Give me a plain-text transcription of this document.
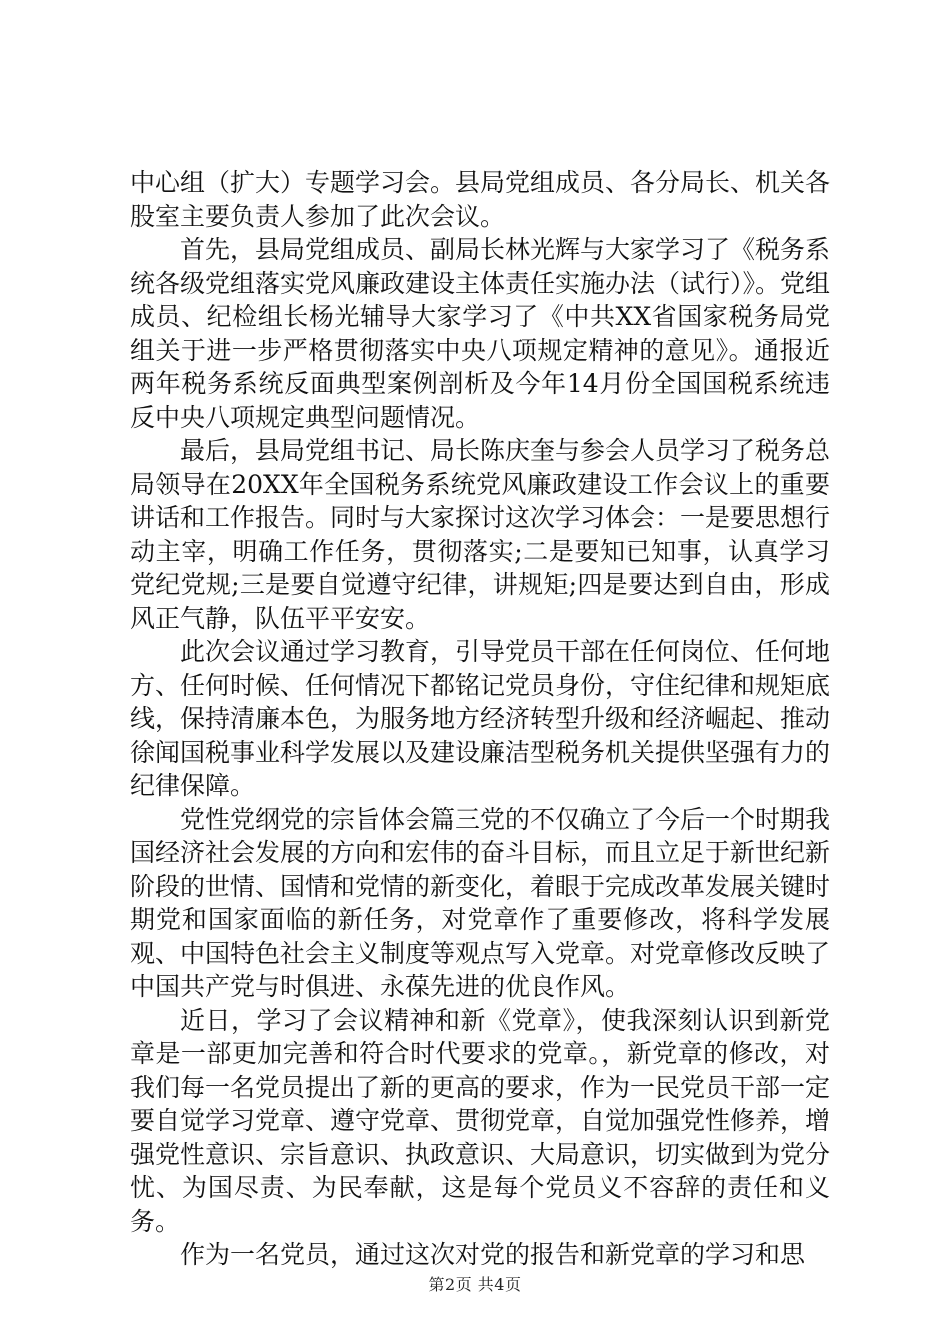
中心组（扩大）专题学习会。县局党组成员、各分局长、机关各股室主要负责人参加了此次会议。

首先，县局党组成员、副局长林光辉与大家学习了《税务系统各级党组落实党风廉政建设主体责任实施办法（试行）》。党组成员、纪检组长杨光辅导大家学习了《中共XX省国家税务局党组关于进一步严格贯彻落实中央八项规定精神的意见》。通报近两年税务系统反面典型案例剖析及今年14月份全国国税系统违反中央八项规定典型问题情况。

最后，县局党组书记、局长陈庆奎与参会人员学习了税务总局领导在20XX年全国税务系统党风廉政建设工作会议上的重要讲话和工作报告。同时与大家探讨这次学习体会：一是要思想行动主宰，明确工作任务，贯彻落实;二是要知已知事，认真学习党纪党规;三是要自觉遵守纪律，讲规矩;四是要达到自由，形成风正气静，队伍平平安安。

此次会议通过学习教育，引导党员干部在任何岗位、任何地方、任何时候、任何情况下都铭记党员身份，守住纪律和规矩底线，保持清廉本色，为服务地方经济转型升级和经济崛起、推动徐闻国税事业科学发展以及建设廉洁型税务机关提供坚强有力的纪律保障。

党性党纲党的宗旨体会篇三党的不仅确立了今后一个时期我国经济社会发展的方向和宏伟的奋斗目标，而且立足于新世纪新阶段的世情、国情和党情的新变化，着眼于完成改革发展关键时期党和国家面临的新任务，对党章作了重要修改，将科学发展观、中国特色社会主义制度等观点写入党章。对党章修改反映了中国共产党与时俱进、永葆先进的优良作风。

近日，学习了会议精神和新《党章》，使我深刻认识到新党章是一部更加完善和符合时代要求的党章。，新党章的修改，对我们每一名党员提出了新的更高的要求，作为一民党员干部一定要自觉学习党章、遵守党章、贯彻党章，自觉加强党性修养，增强党性意识、宗旨意识、执政意识、大局意识，切实做到为党分忧、为国尽责、为民奉献，这是每个党员义不容辞的责任和义务。

作为一名党员，通过这次对党的报告和新党章的学习和思

第2页 共4页
